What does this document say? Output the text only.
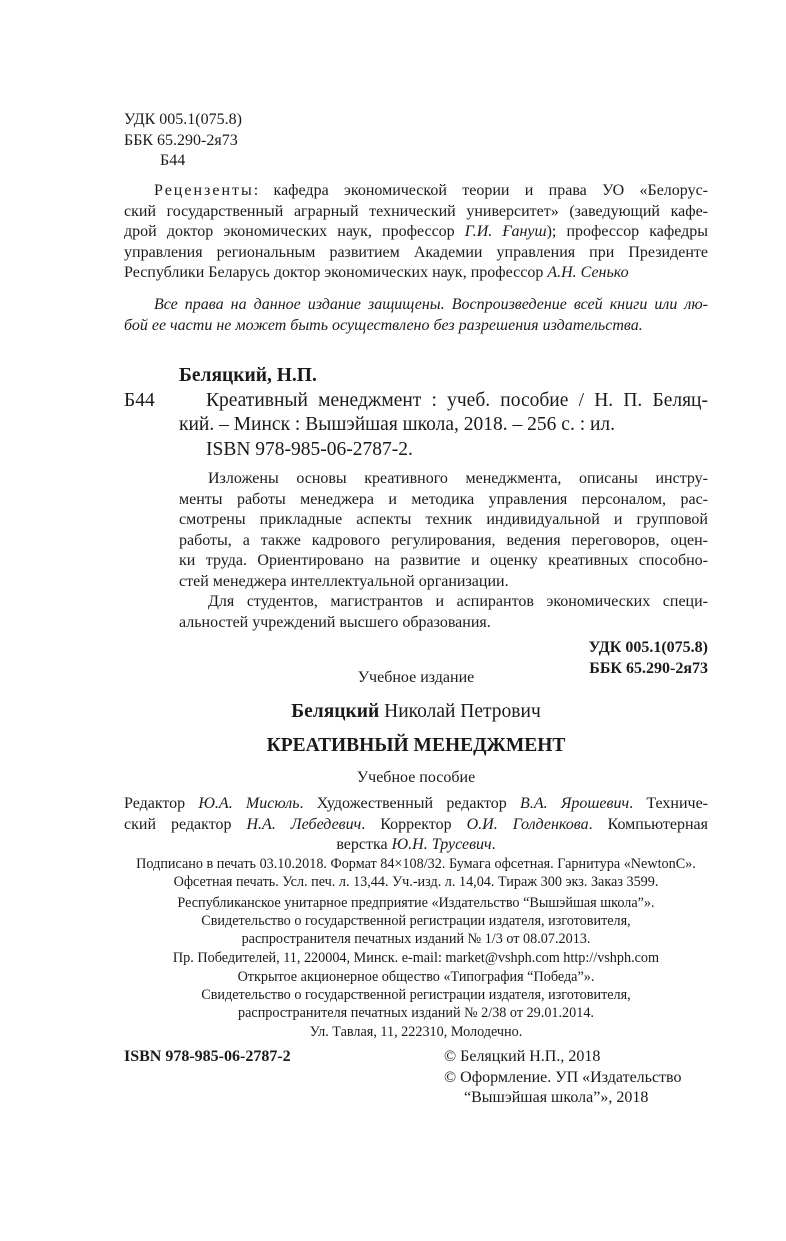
УДК 005.1(075.8)

ББК 65.290-2я73

Б44

Рецензенты: кафедра экономической теории и права УО «Белорус-

ский государственный аграрный технический университет» (заведующий кафе-

дрой доктор экономических наук, профессор Г.И. Ғануш); профессор кафедры

управления региональным развитием Академии управления при Президенте

Республики Беларусь доктор экономических наук, профессор А.Н. Сенько

Все права на данное издание защищены. Воспроизведение всей книги или лю-

бой ее части не может быть осуществлено без разрешения издательства.

Беляцкий, Н.П.

Б44	Креативный менеджмент : учеб. пособие / Н. П. Беляц-

кий. – Минск : Вышэйшая школа, 2018. – 256 с. : ил.

ISBN 978-985-06-2787-2.

Изложены основы креативного менеджмента, описаны инстру-

менты работы менеджера и методика управления персоналом, рас-

смотрены прикладные аспекты техник индивидуальной и групповой

работы, а также кадрового регулирования, ведения переговоров, оцен-

ки труда. Ориентировано на развитие и оценку креативных способно-

стей менеджера интеллектуальной организации.

Для студентов, магистрантов и аспирантов экономических специ-

альностей учреждений высшего образования.

УДК 005.1(075.8)

ББК 65.290-2я73

Учебное издание

Беляцкий Николай Петрович

КРЕАТИВНЫЙ МЕНЕДЖМЕНТ

Учебное пособие

Редактор Ю.А. Мисюль. Художественный редактор В.А. Ярошевич. Техниче-

ский редактор Н.А. Лебедевич. Корректор О.И. Голденкова. Компьютерная

верстка Ю.Н. Трусевич.

Подписано в печать 03.10.2018. Формат 84×108/32. Бумага офсетная. Гарнитура «NewtonC».

Офсетная печать. Усл. печ. л. 13,44. Уч.-изд. л. 14,04. Тираж 300 экз. Заказ 3599.

Республиканское унитарное предприятие «Издательство “Вышэйшая школа”».

Свидетельство о государственной регистрации издателя, изготовителя,

распространителя печатных изданий № 1/3 от 08.07.2013.

Пр. Победителей, 11, 220004, Минск. e-mail: market@vshph.com http://vshph.com

Открытое акционерное общество «Типография “Победа”».

Свидетельство о государственной регистрации издателя, изготовителя,

распространителя печатных изданий № 2/38 от 29.01.2014.

Ул. Тавлая, 11, 222310, Молодечно.

ISBN 978-985-06-2787-2	© Беляцкий Н.П., 2018

© Оформление. УП «Издательство

“Вышэйшая школа”», 2018
